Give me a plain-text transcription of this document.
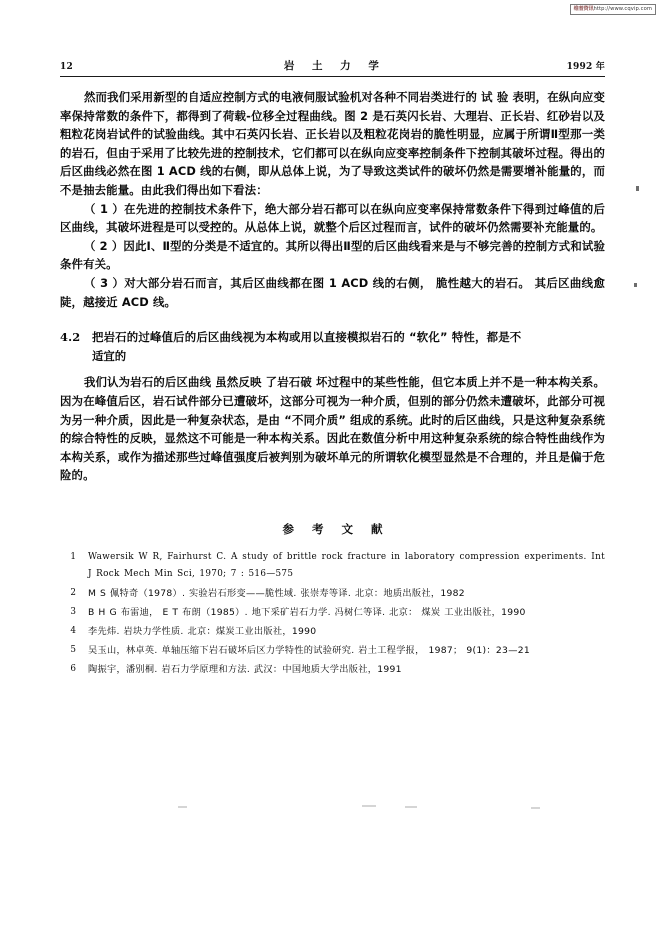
维普资讯http://www.cqvip.com
12	岩 土 力 学	1992 年

然而我们采用新型的自适应控制方式的电液伺服试验机对各种不同岩类进行的 试 验 表明，在纵向应变率保持常数的条件下，都得到了荷载-位移全过程曲线。图 2 是石英闪长岩、大理岩、正长岩、红砂岩以及粗粒花岗岩试件的试验曲线。其中石英闪长岩、正长岩以及粗粒花岗岩的脆性明显，应属于所谓Ⅱ型那一类的岩石，但由于采用了比较先进的控制技术，它们都可以在纵向应变率控制条件下控制其破坏过程。得出的后区曲线必然在图 1 ACD 线的右侧，即从总体上说，为了导致这类试件的破坏仍然是需要增补能量的，而不是抽去能量。由此我们得出如下看法：

（ 1 ）在先进的控制技术条件下，绝大部分岩石都可以在纵向应变率保持常数条件下得到过峰值的后区曲线，其破坏进程是可以受控的。从总体上说，就整个后区过程而言，试件的破坏仍然需要补充能量的。

（ 2 ）因此Ⅰ、Ⅱ型的分类是不适宜的。其所以得出Ⅱ型的后区曲线看来是与不够完善的控制方式和试验条件有关。

（ 3 ）对大部分岩石而言，其后区曲线都在图 1 ACD 线的右侧， 脆性越大的岩石。 其后区曲线愈陡，越接近 ACD 线。

4.2	把岩石的过峰值后的后区曲线视为本构或用以直接模拟岩石的 “软化” 特性，都是不
适宜的

我们认为岩石的后区曲线 虽然反映 了岩石破 坏过程中的某些性能，但它本质上并不是一种本构关系。因为在峰值后区，岩石试件部分已遭破坏，这部分可视为一种介质，但别的部分仍然未遭破坏，此部分可视为另一种介质，因此是一种复杂状态，是由 “不同介质” 组成的系统。此时的后区曲线，只是这种复杂系统的综合特性的反映，显然这不可能是一种本构关系。因此在数值分析中用这种复杂系统的综合特性曲线作为本构关系，或作为描述那些过峰值强度后被判别为破坏单元的所谓软化模型显然是不合理的，并且是偏于危险的。

参 考 文 献
1	Wawersik W R, Fairhurst C. A study of brittle rock fracture in laboratory compression experiments. Int J Rock Mech Min Sci, 1970; 7 : 516—575
2	M S 佩特奇（1978）. 实验岩石形变——脆性域. 张崇寿等译. 北京：地质出版社，1982
3	B H G 布雷迪， E T 布朗（1985）. 地下采矿岩石力学. 冯树仁等译. 北京： 煤炭 工业出版社，1990
4	李先炜. 岩块力学性质. 北京：煤炭工业出版社，1990
5	吴玉山，林卓英. 单轴压缩下岩石破坏后区力学特性的试验研究. 岩土工程学报， 1987； 9(1)：23—21
6	陶振宇，潘别桐. 岩石力学原理和方法. 武汉：中国地质大学出版社，1991
